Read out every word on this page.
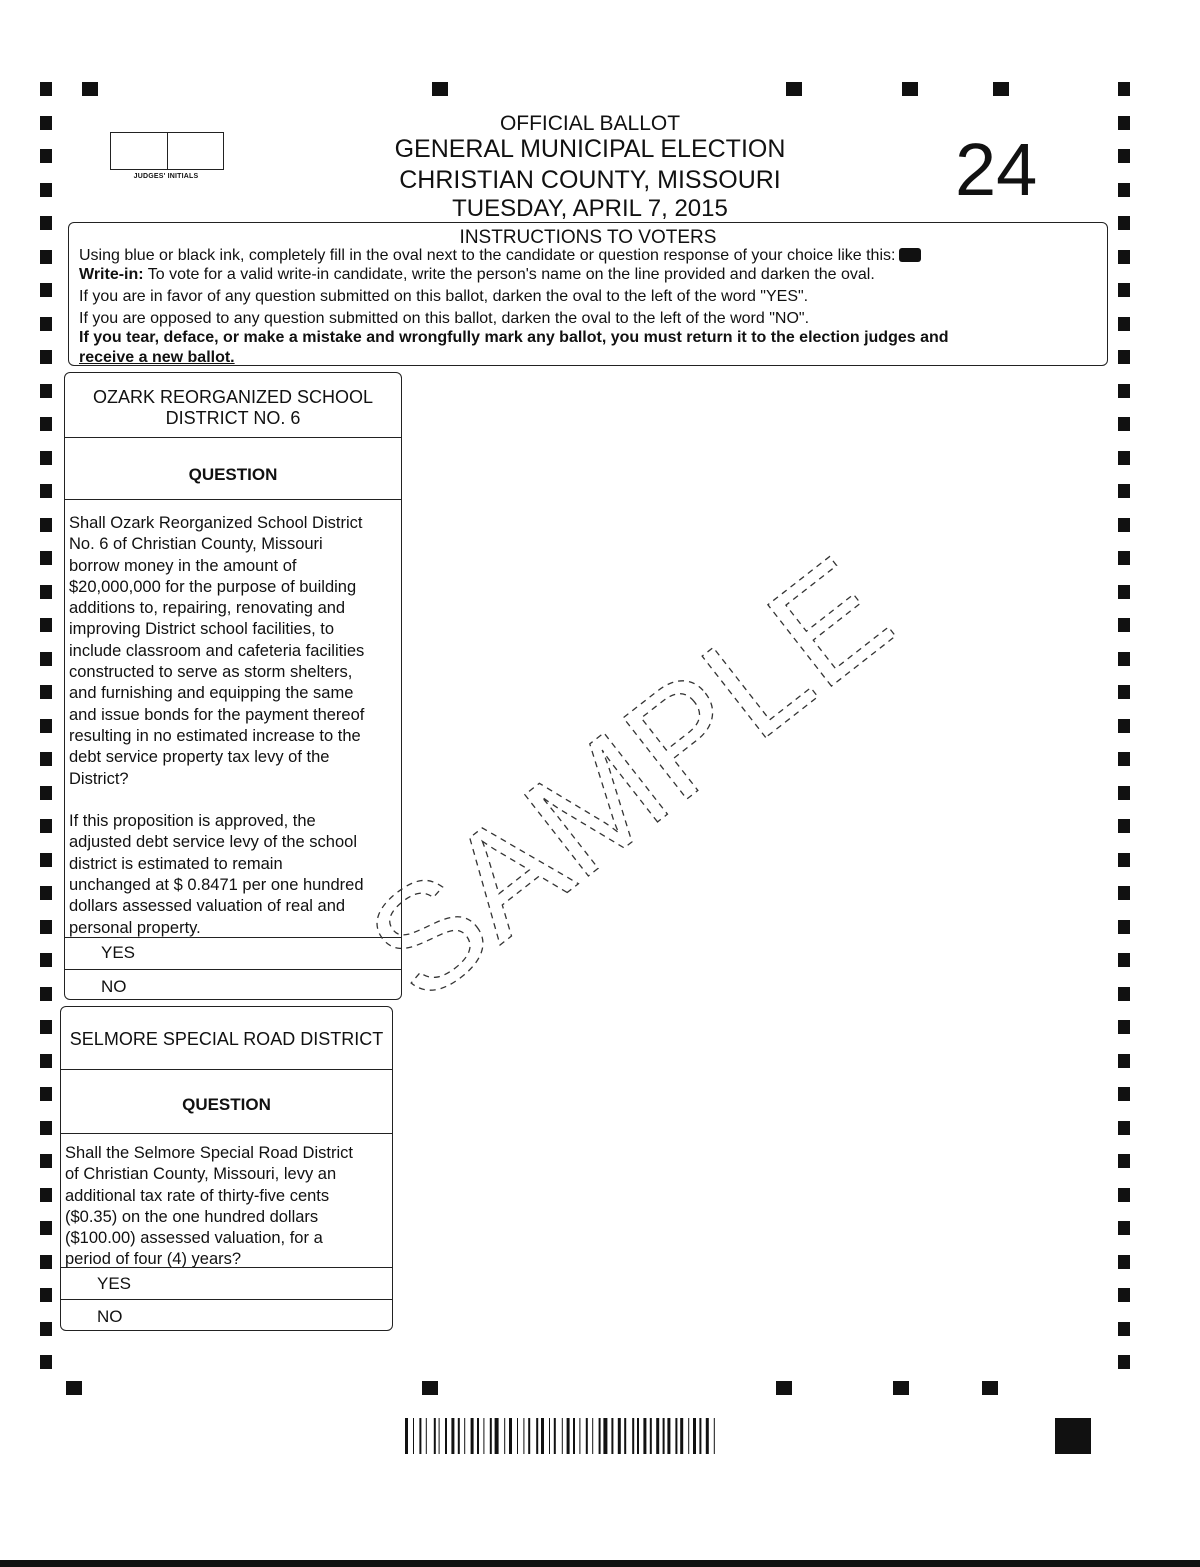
JUDGES' INITIALS
OFFICIAL BALLOT
GENERAL MUNICIPAL ELECTION
CHRISTIAN COUNTY, MISSOURI
TUESDAY, APRIL 7, 2015	24
INSTRUCTIONS TO VOTERS
Using blue or black ink, completely fill in the oval next to the candidate or question response of your choice like this:
Write-in: To vote for a valid write-in candidate, write the person's name on the line provided and darken the oval.
If you are in favor of any question submitted on this ballot, darken the oval to the left of the word "YES".
If you are opposed to any question submitted on this ballot, darken the oval to the left of the word "NO".
If you tear, deface, or make a mistake and wrongfully mark any ballot, you must return it to the election judges and
receive a new ballot.
OZARK REORGANIZED SCHOOL
DISTRICT NO. 6
QUESTION
Shall Ozark Reorganized School District
No. 6 of Christian County, Missouri
borrow money in the amount of
$20,000,000 for the purpose of building
additions to, repairing, renovating and
improving District school facilities, to
include classroom and cafeteria facilities
constructed to serve as storm shelters,
and furnishing and equipping the same
and issue bonds for the payment thereof
resulting in no estimated increase to the
debt service property tax levy of the
District?

If this proposition is approved, the
adjusted debt service levy of the school
district is estimated to remain
unchanged at $ 0.8471 per one hundred
dollars assessed valuation of real and
personal property.
YES
NO
SELMORE SPECIAL ROAD DISTRICT
QUESTION
Shall the Selmore Special Road District
of Christian County, Missouri, levy an
additional tax rate of thirty-five cents
($0.35) on the one hundred dollars
($100.00) assessed valuation, for a
period of four (4) years?
YES
NO
SAMPLE
